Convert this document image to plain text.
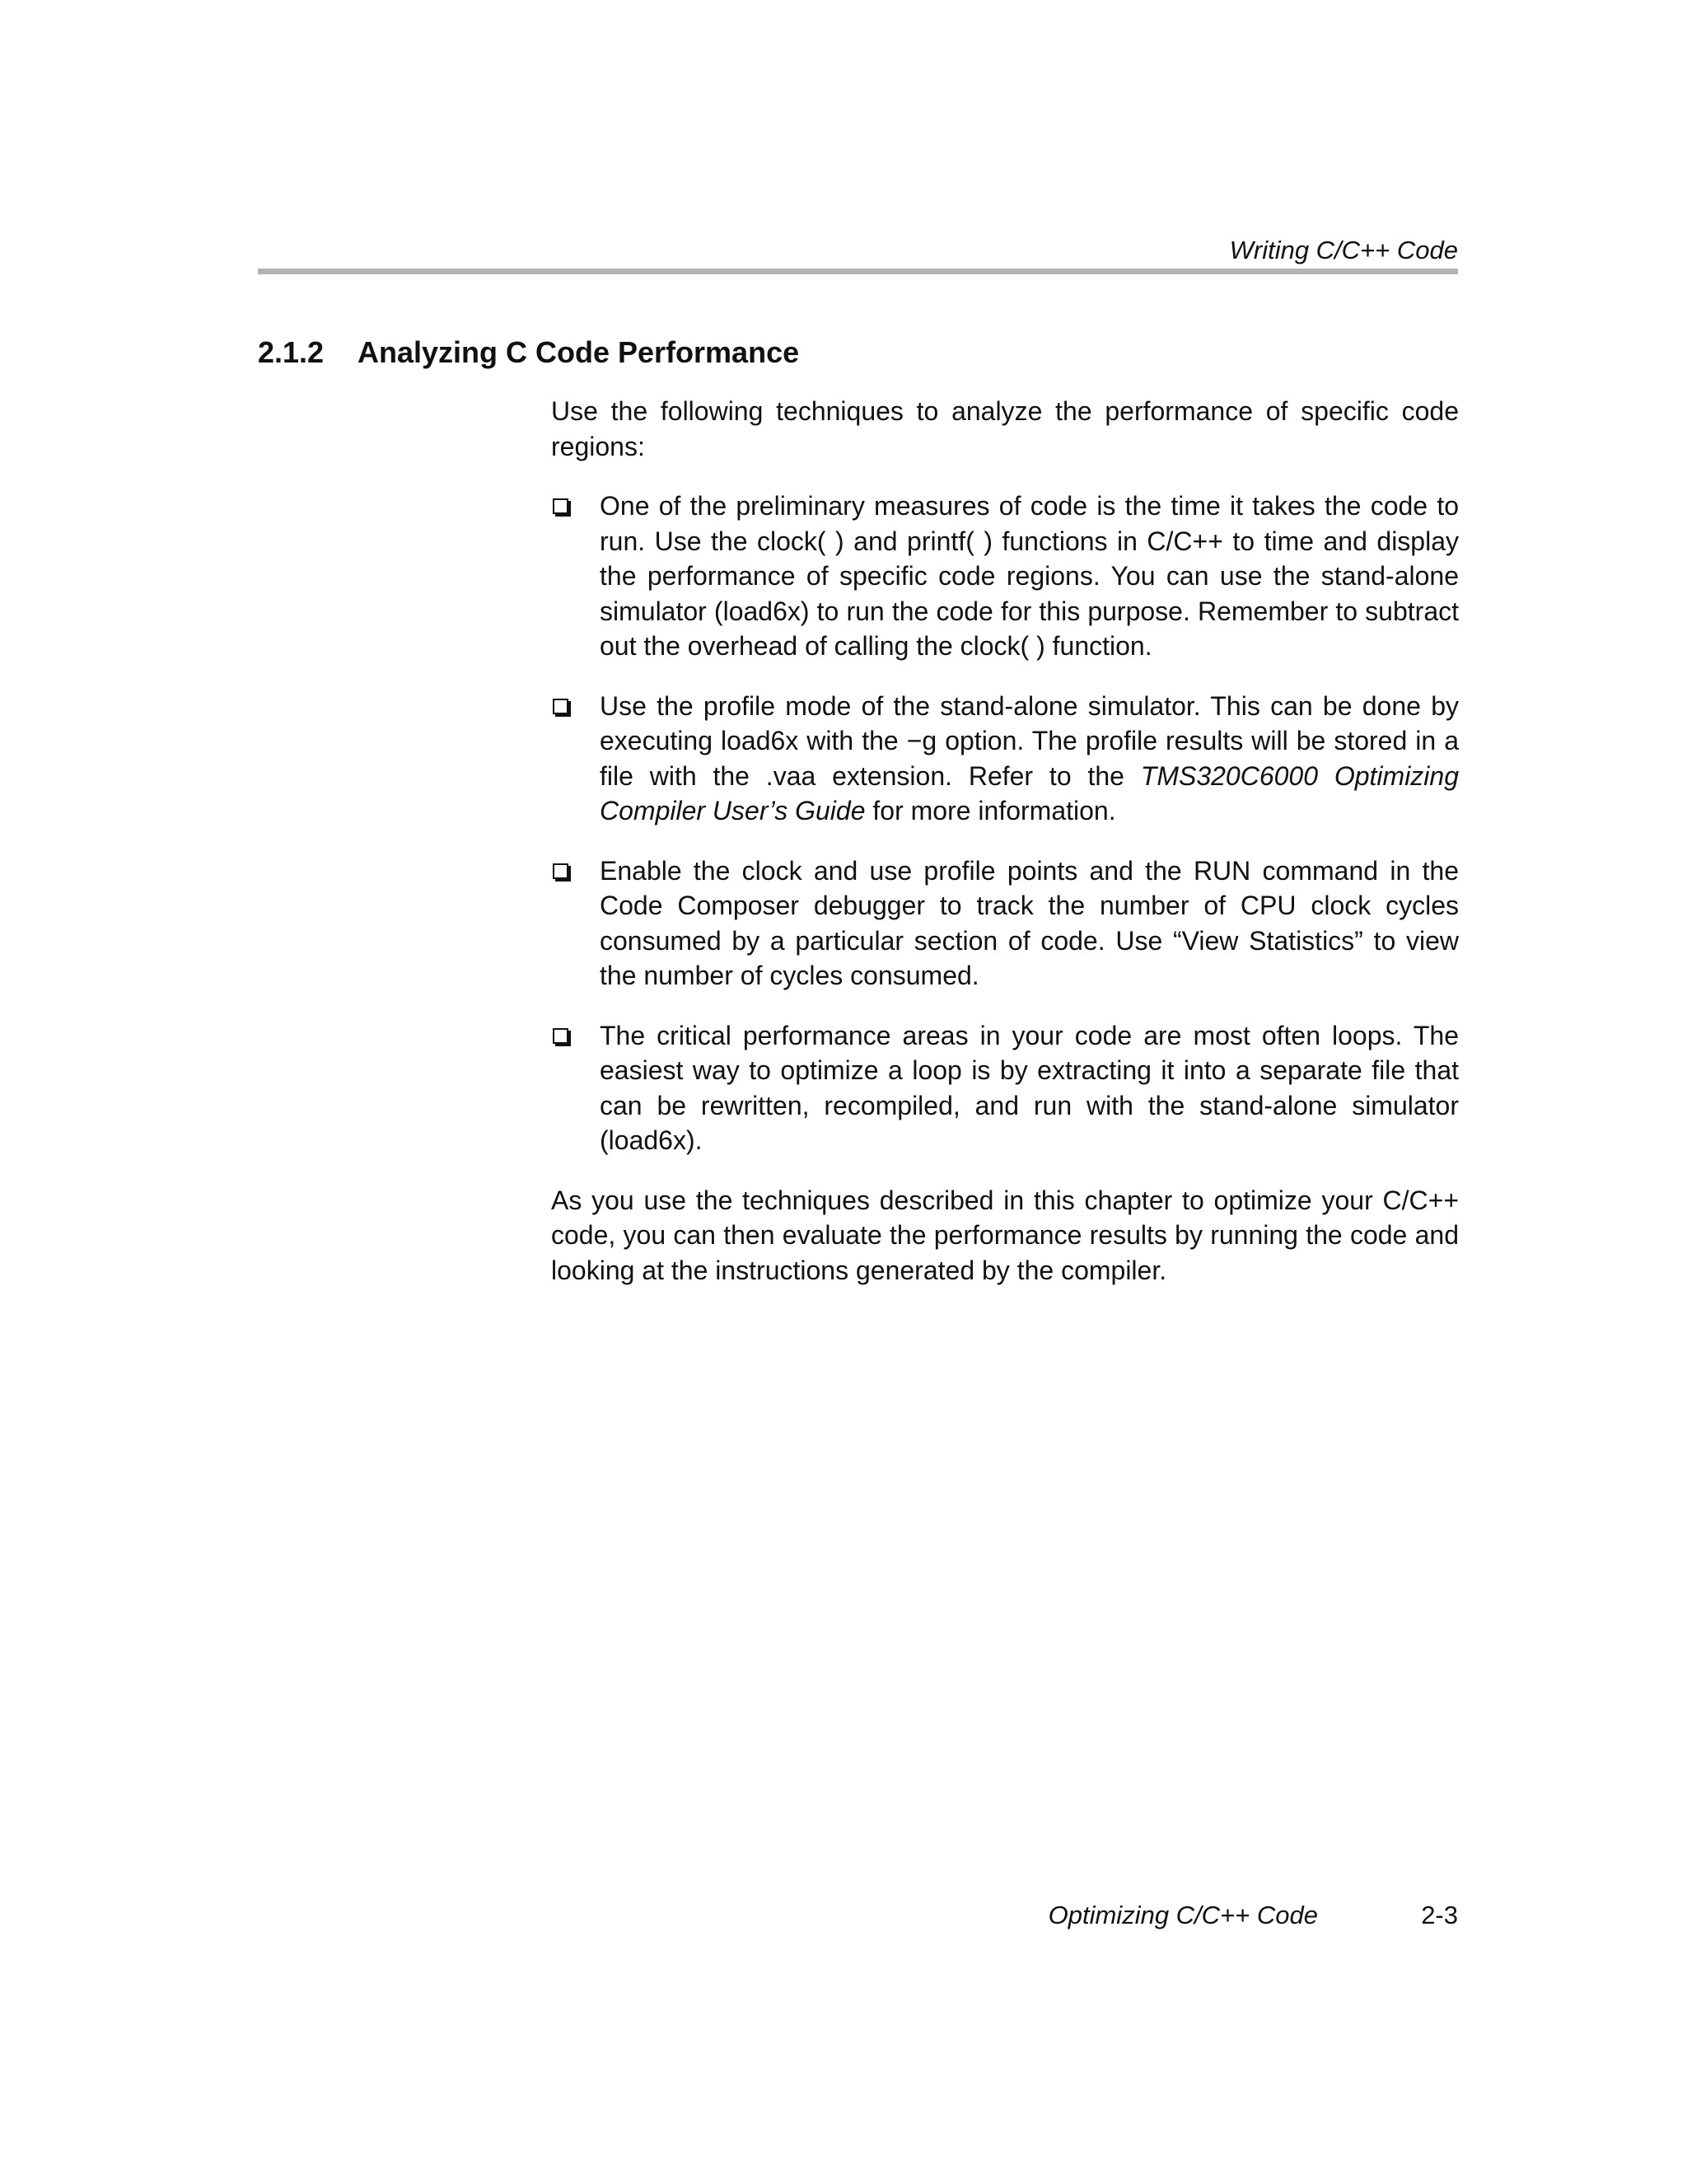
Writing C/C++ Code
2.1.2 Analyzing C Code Performance

Use the following techniques to analyze the performance of specific code regions:

One of the preliminary measures of code is the time it takes the code to run. Use the clock( ) and printf( ) functions in C/C++ to time and display the performance of specific code regions. You can use the stand-alone simulator (load6x) to run the code for this purpose. Remember to subtract out the overhead of calling the clock( ) function.
Use the profile mode of the stand-alone simulator. This can be done by executing load6x with the −g option. The profile results will be stored in a file with the .vaa extension. Refer to the TMS320C6000 Optimizing Compiler User’s Guide for more information.
Enable the clock and use profile points and the RUN command in the Code Composer debugger to track the number of CPU clock cycles consumed by a particular section of code. Use “View Statistics” to view the number of cycles consumed.
The critical performance areas in your code are most often loops. The easiest way to optimize a loop is by extracting it into a separate file that can be rewritten, recompiled, and run with the stand-alone simulator (load6x).

As you use the techniques described in this chapter to optimize your C/C++ code, you can then evaluate the performance results by running the code and looking at the instructions generated by the compiler.

Optimizing C/C++ Code	2-3
